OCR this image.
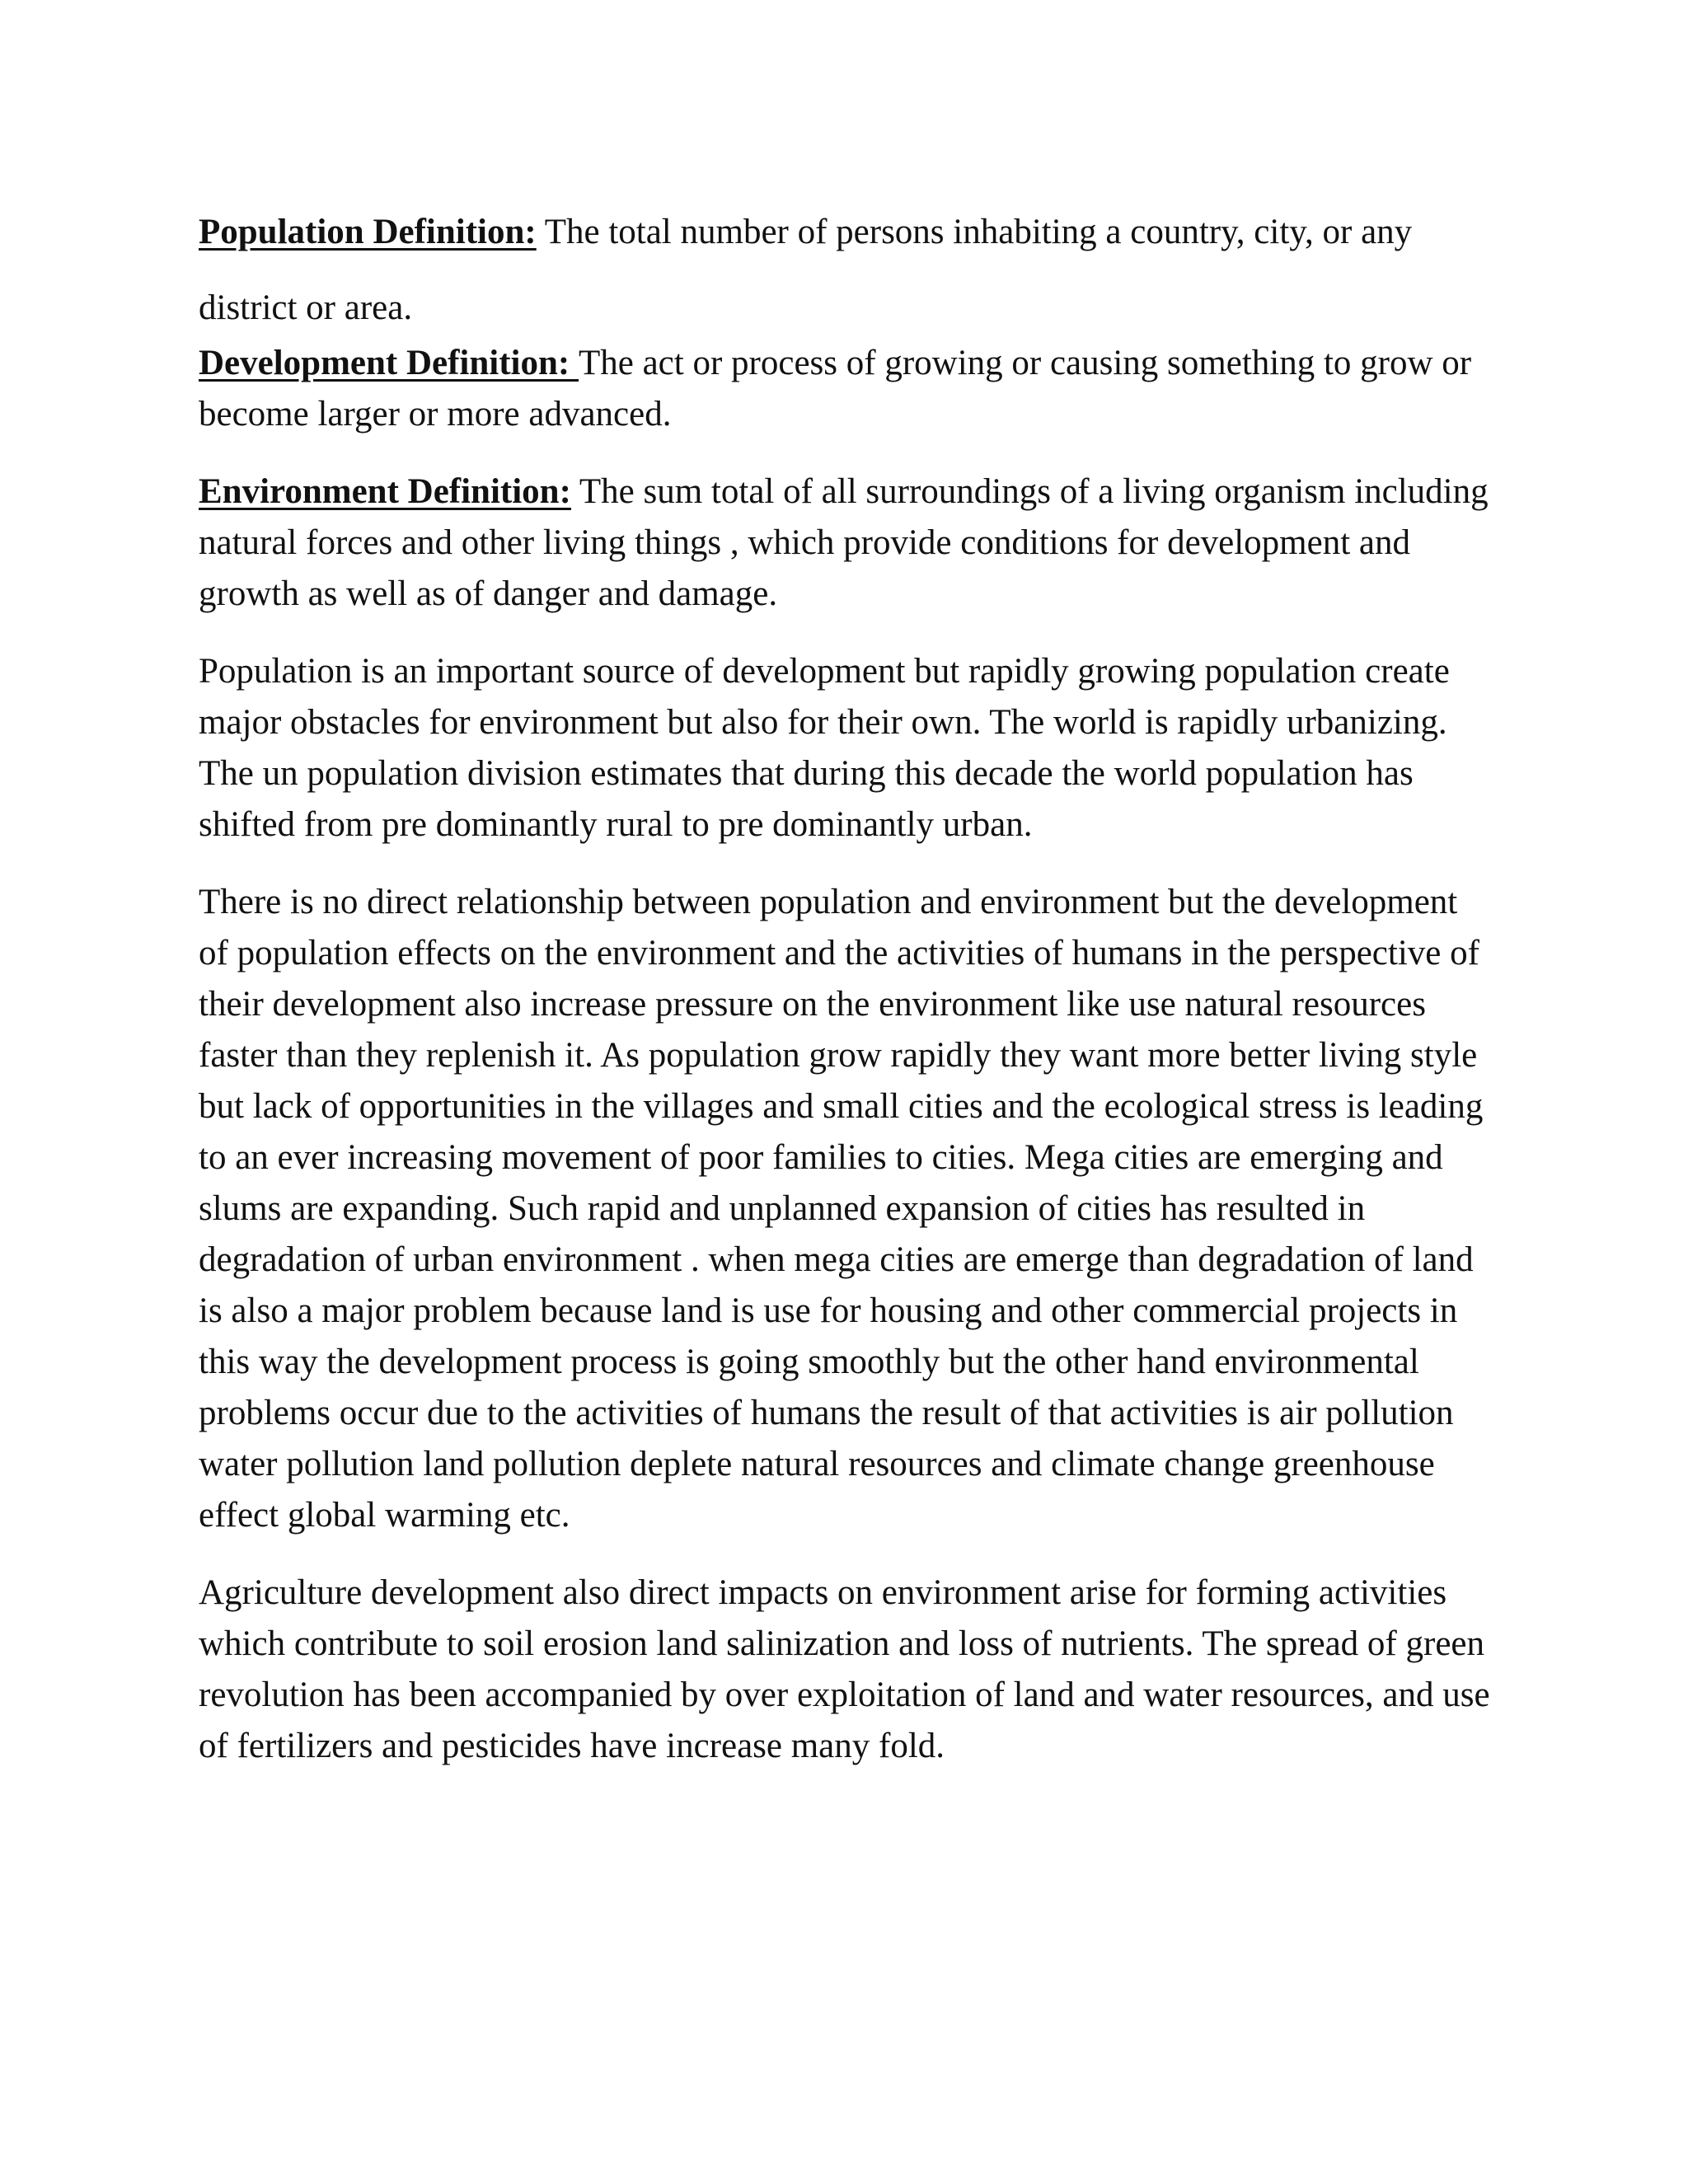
Population Definition: The total number of persons inhabiting a country, city, or any district or area.

Development Definition: The act or process of growing or causing something to grow or become larger or more advanced.

Environment Definition: The sum total of all surroundings of a living organism including natural forces and other living things , which provide conditions for development and growth as well as of danger and damage.

Population is an important source of development but rapidly growing population create major obstacles for environment but also for their own. The world is rapidly urbanizing. The un population division estimates that during this decade the world population has shifted from pre dominantly rural to pre dominantly urban.

There is no direct relationship between population and environment but the development of population effects on the environment and the activities of humans in the perspective of their development also increase pressure on the environment like use natural resources faster than they replenish it. As population grow rapidly they want more better living style but lack of opportunities in the villages and small cities and the ecological stress is leading to an ever increasing movement of poor families to cities. Mega cities are emerging and slums are expanding. Such rapid and unplanned expansion of cities has resulted in degradation of urban environment . when mega cities are emerge than degradation of land is also a major problem because land is use for housing and other commercial projects in this way the development process is going smoothly but the other hand environmental problems occur due to the activities of humans the result of that activities is air pollution water pollution land pollution deplete natural resources and climate change greenhouse effect global warming etc.

Agriculture development also direct impacts on environment arise for forming activities which contribute to soil erosion land salinization and loss of nutrients. The spread of green revolution has been accompanied by over exploitation of land and water resources, and use of fertilizers and pesticides have increase many fold.
